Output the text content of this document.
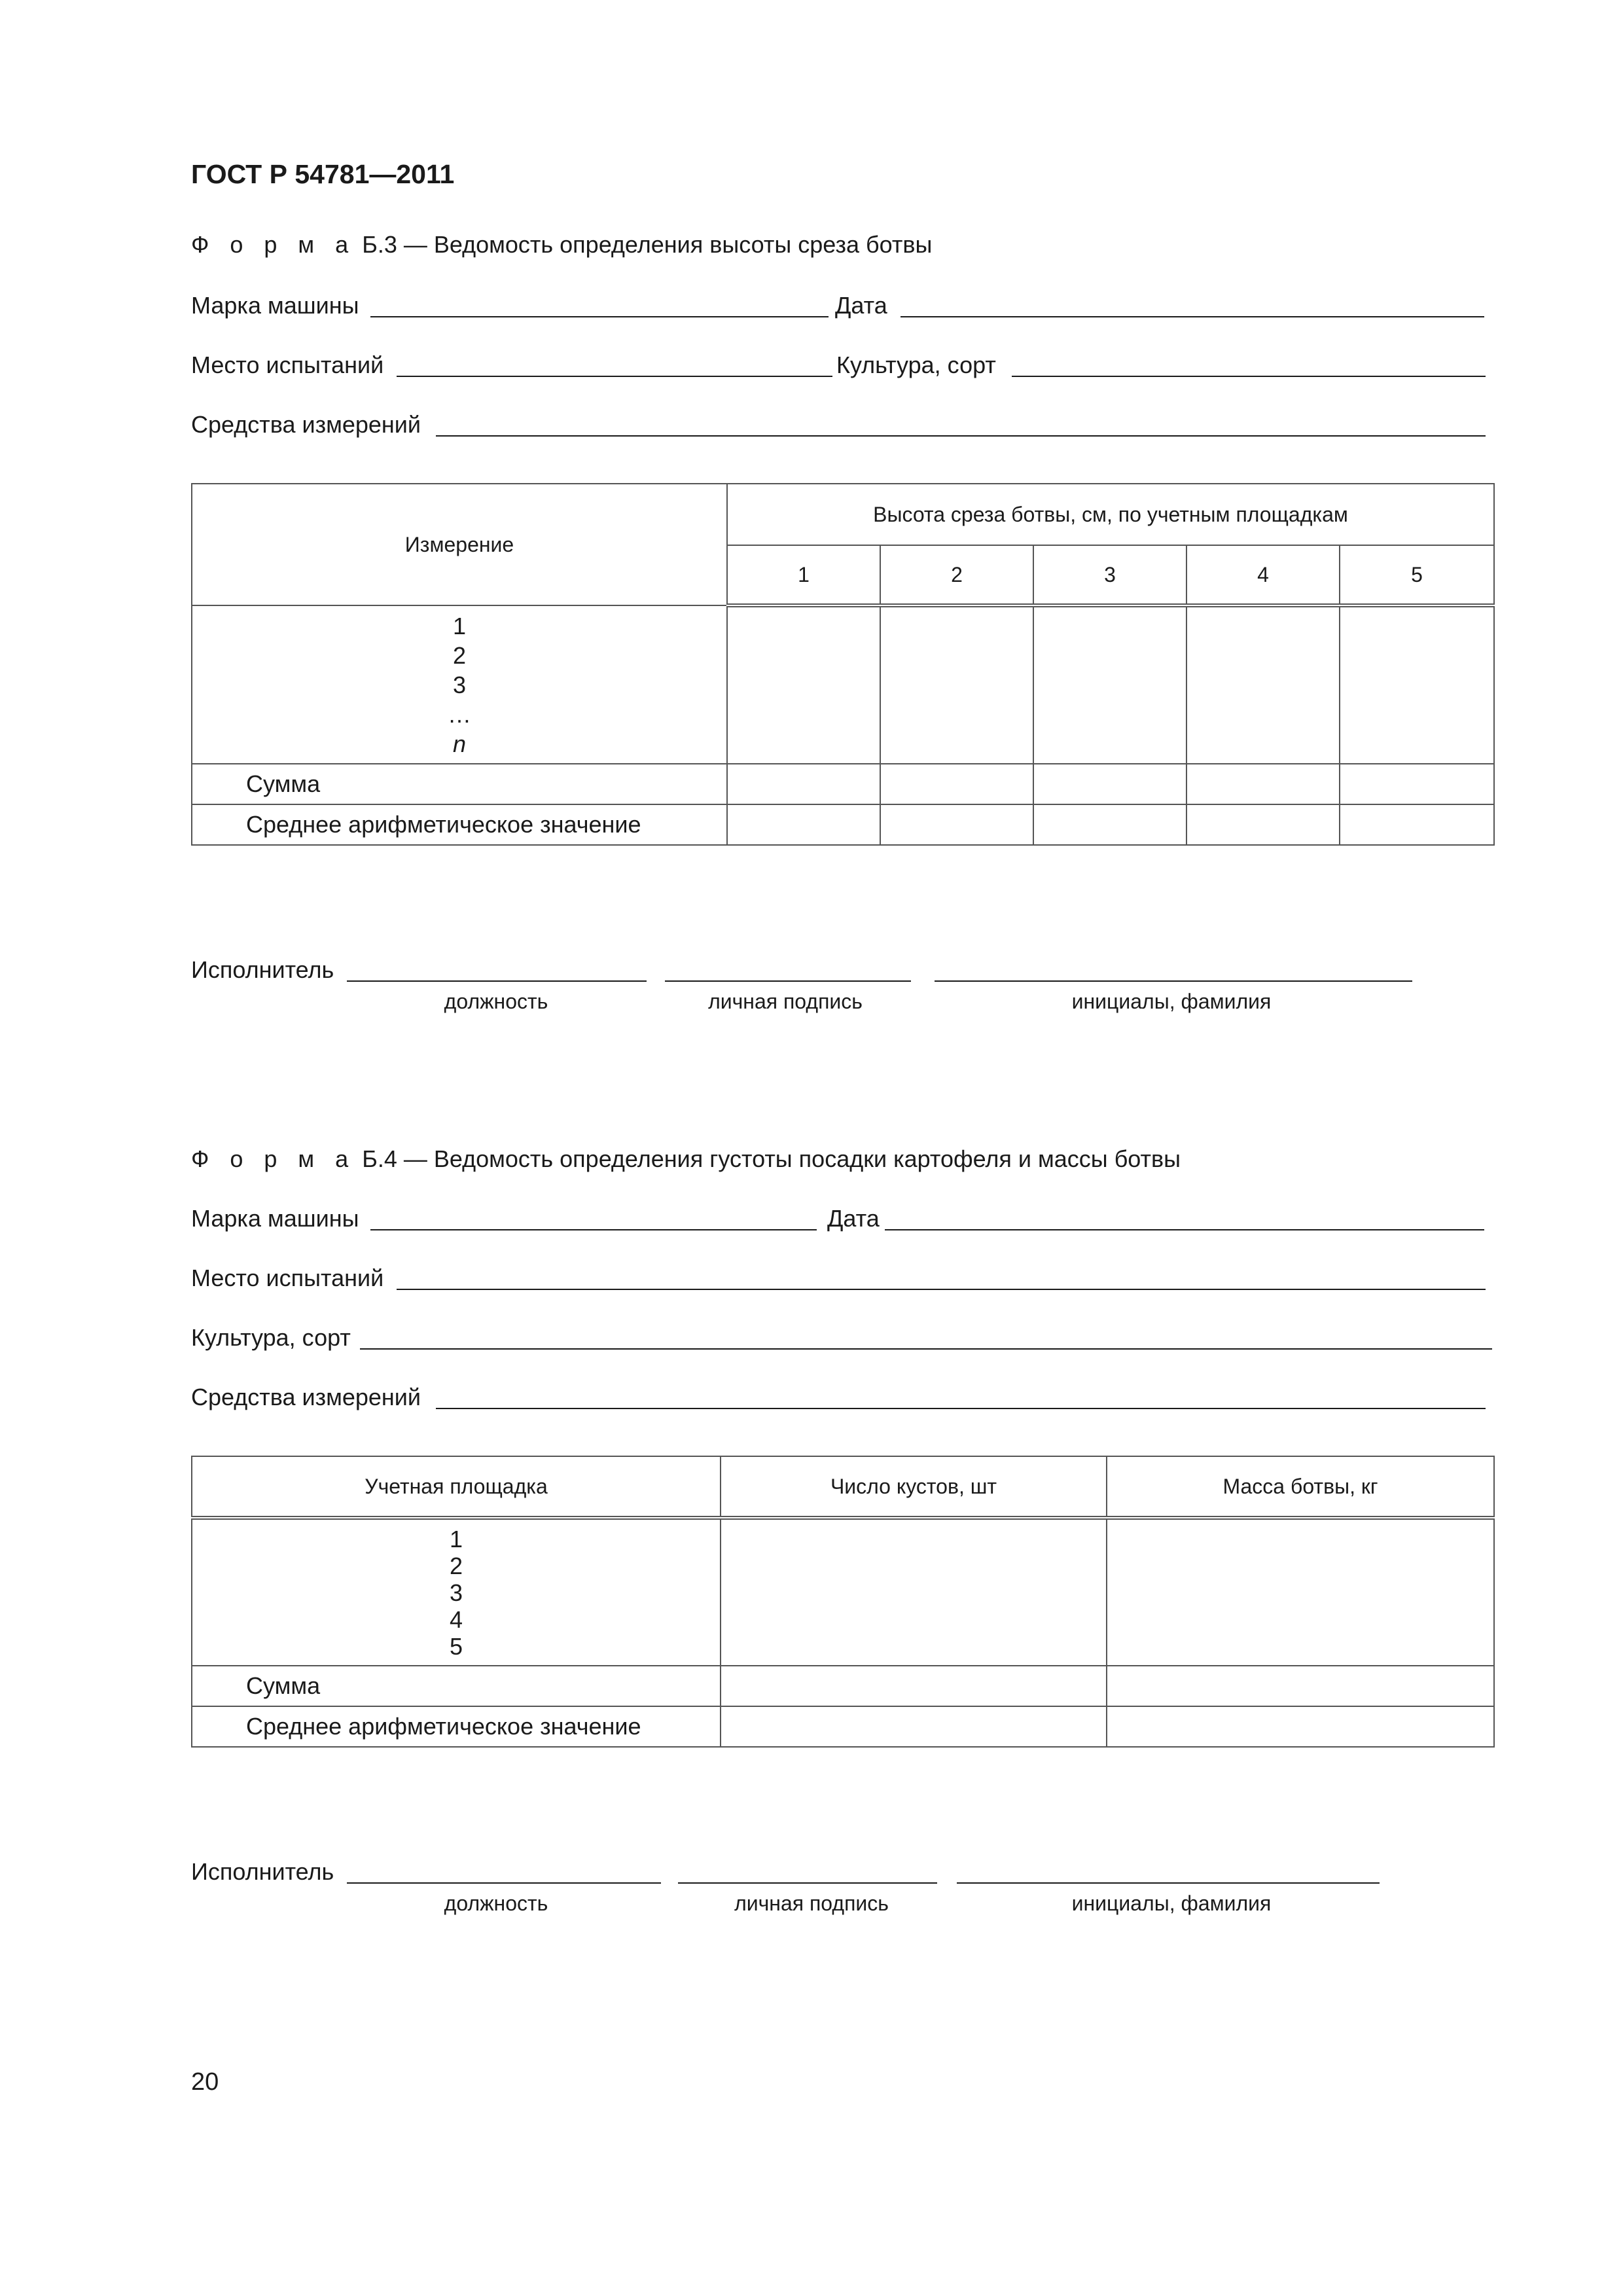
ГОСТ Р 54781—2011
Ф о р м а Б.3 — Ведомость определения высоты среза ботвы
Марка машины	Дата
Место испытаний	Культура, сорт
Средства измерений
Измерение	Высота среза ботвы, см, по учетным площадкам				
	1	2	3	4	5

1
2
3
…
n					

Сумма					
Среднее арифметическое значение					
Исполнитель
должность	личная подпись	инициалы, фамилия
Ф о р м а Б.4 — Ведомость определения густоты посадки картофеля и массы ботвы
Марка машины	Дата
Место испытаний
Культура, сорт
Средства измерений
Учетная площадка	Число кустов, шт	Масса ботвы, кг

1
2
3
4
5		

Сумма		
Среднее арифметическое значение		
Исполнитель
должность	личная подпись	инициалы, фамилия
20
